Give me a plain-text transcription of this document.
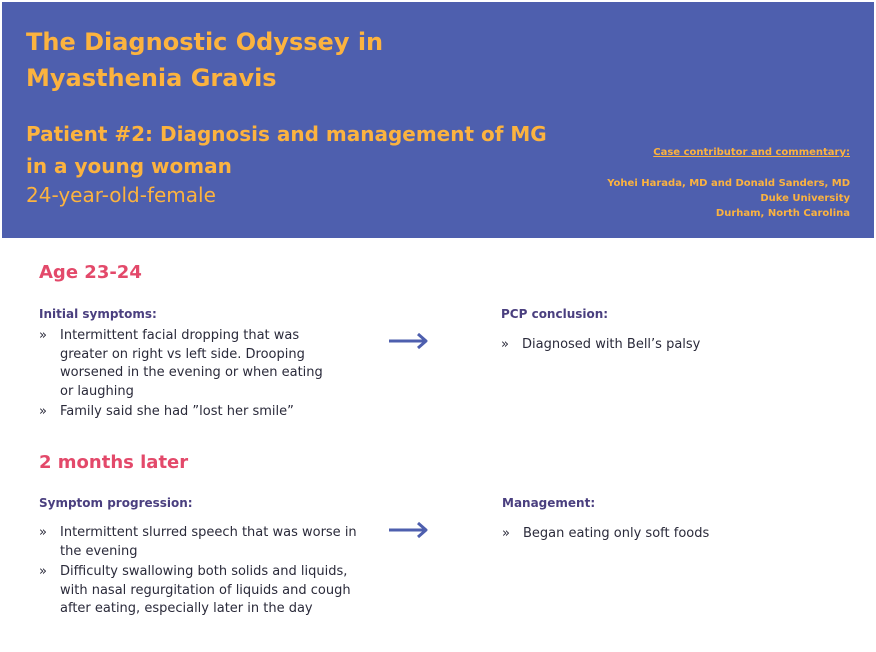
The Diagnostic Odyssey in
Myasthenia Gravis
Patient #2: Diagnosis and management of MG
in a young woman
24-year-old-female
Case contributor and commentary:
Yohei Harada, MD and Donald Sanders, MD
Duke University
Durham, North Carolina
Age 23-24
Initial symptoms:
» Intermittent facial dropping that was greater on right vs left side. Drooping worsened in the evening or when eating or laughing
» Family said she had ”lost her smile”
PCP conclusion:
» Diagnosed with Bell’s palsy
2 months later
Symptom progression:
» Intermittent slurred speech that was worse in the evening
» Difficulty swallowing both solids and liquids, with nasal regurgitation of liquids and cough after eating, especially later in the day
Management:
» Began eating only soft foods
